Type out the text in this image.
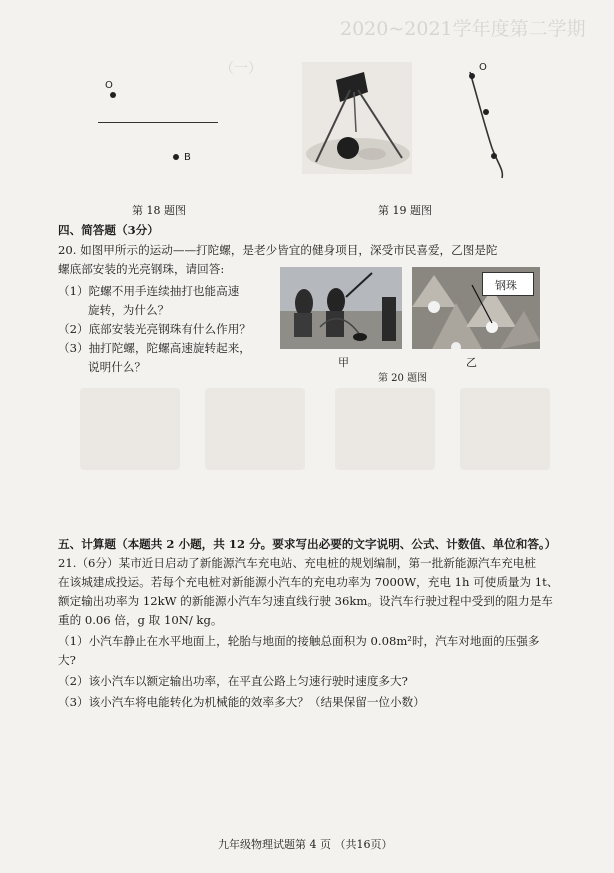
2020~2021学年度第二学期
（一）
O
B
O
第 18 题图	第 19 题图
四、简答题（3分）
20. 如图甲所示的运动——打陀螺，是老少皆宜的健身项目，深受市民喜爱，乙图是陀
螺底部安装的光亮钢珠，请回答:
（1）陀螺不用手连续抽打也能高速
旋转，为什么？
（2）底部安装光亮钢珠有什么作用？
（3）抽打陀螺，陀螺高速旋转起来，
说明什么？	甲
钢珠
乙
第 20 题图
五、计算题（本题共 2 小题，共 12 分。要求写出必要的文字说明、公式、计数值、单位和答。）
21.（6分）某市近日启动了新能源汽车充电站、充电桩的规划编制，第一批新能源汽车充电桩
在该城建成投运。若每个充电桩对新能源小汽车的充电功率为 7000W，充电 1h 可使质量为 1t、
额定输出功率为 12kW 的新能源小汽车匀速直线行驶 36km。设汽车行驶过程中受到的阻力是车
重的 0.06 倍，g 取 10N/ kg。
（1）小汽车静止在水平地面上，轮胎与地面的接触总面积为 0.08m²时，汽车对地面的压强多
大?
（2）该小汽车以额定输出功率，在平直公路上匀速行驶时速度多大?
（3）该小汽车将电能转化为机械能的效率多大？（结果保留一位小数）
九年级物理试题第 4 页 （共16页）
